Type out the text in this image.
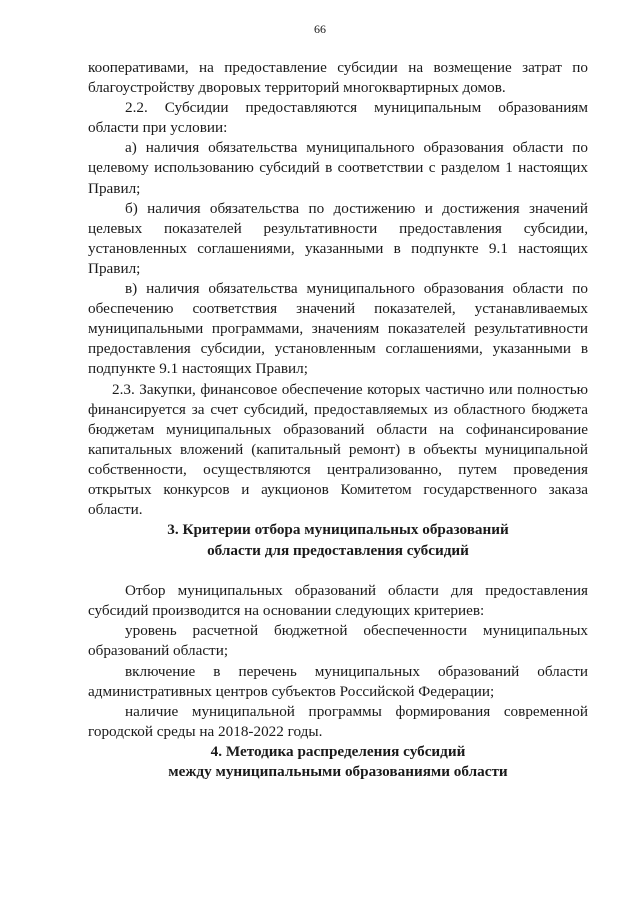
66

кооперативами, на предоставление субсидии на возмещение затрат по благоустройству дворовых территорий многоквартирных домов.

2.2. Субсидии предоставляются муниципальным образованиям области при условии:

а) наличия обязательства муниципального образования области по целевому использованию субсидий в соответствии с разделом 1 настоящих Правил;

б) наличия обязательства по достижению и достижения значений целевых показателей результативности предоставления субсидии, установленных соглашениями, указанными в подпункте 9.1 настоящих Правил;

в) наличия обязательства муниципального образования области по обеспечению соответствия значений показателей, устанавливаемых муниципальными программами, значениям показателей результативности предоставления субсидии, установленным соглашениями, указанными в подпункте 9.1 настоящих Правил;

2.3. Закупки, финансовое обеспечение которых частично или полностью финансируется за счет субсидий, предоставляемых из областного бюджета бюджетам муниципальных образований области на софинансирование капитальных вложений (капитальный ремонт) в объекты муниципальной собственности, осуществляются централизованно, путем проведения открытых конкурсов и аукционов Комитетом государственного заказа области.

3. Критерии отбора муниципальных образований
области для предоставления субсидий

Отбор муниципальных образований области для предоставления субсидий производится на основании следующих критериев:

уровень расчетной бюджетной обеспеченности муниципальных образований области;

включение в перечень муниципальных образований области административных центров субъектов Российской Федерации;

наличие муниципальной программы формирования современной городской среды на 2018-2022 годы.

4. Методика распределения субсидий
между муниципальными образованиями области
